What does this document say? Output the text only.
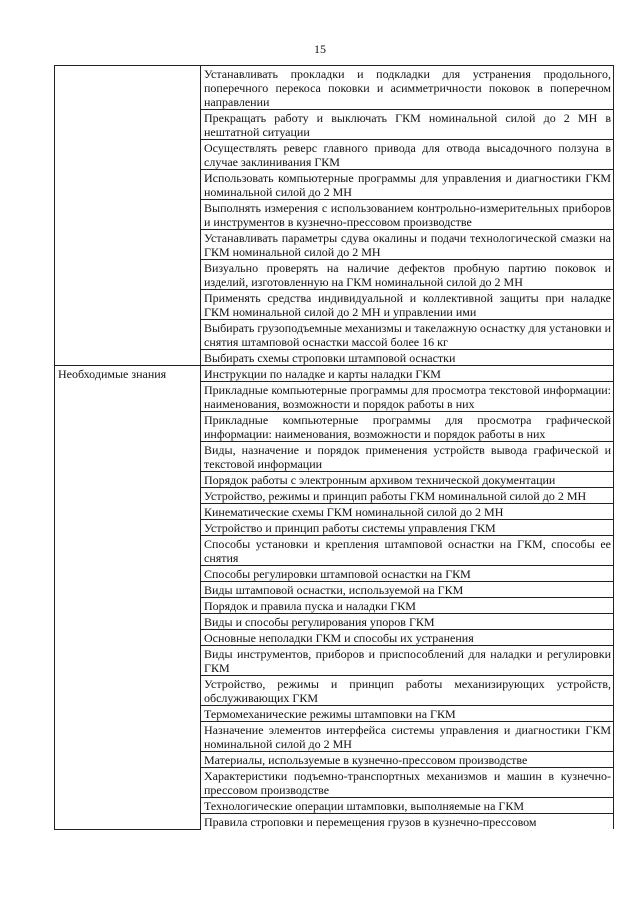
15
	Устанавливать прокладки и подкладки для устранения продольного, поперечного перекоса поковки и асимметричности поковок в поперечном направлении
	Прекращать работу и выключать ГКМ номинальной силой до 2 МН в нештатной ситуации
	Осуществлять реверс главного привода для отвода высадочного ползуна в случае заклинивания ГКМ
	Использовать компьютерные программы для управления и диагностики ГКМ номинальной силой до 2 МН
	Выполнять измерения с использованием контрольно-измерительных приборов и инструментов в кузнечно-прессовом производстве
	Устанавливать параметры сдува окалины и подачи технологической смазки на ГКМ номинальной силой до 2 МН
	Визуально проверять на наличие дефектов пробную партию поковок и изделий, изготовленную на ГКМ номинальной силой до 2 МН
	Применять средства индивидуальной и коллективной защиты при наладке ГКМ номинальной силой до 2 МН и управлении ими
	Выбирать грузоподъемные механизмы и такелажную оснастку для установки и снятия штамповой оснастки массой более 16 кг
	Выбирать схемы строповки штамповой оснастки
Необходимые знания	Инструкции по наладке и карты наладки ГКМ
	Прикладные компьютерные программы для просмотра текстовой информации: наименования, возможности и порядок работы в них
	Прикладные компьютерные программы для просмотра графической информации: наименования, возможности и порядок работы в них
	Виды, назначение и порядок применения устройств вывода графической и текстовой информации
	Порядок работы с электронным архивом технической документации
	Устройство, режимы и принцип работы ГКМ номинальной силой до 2 МН
	Кинематические схемы ГКМ номинальной силой до 2 МН
	Устройство и принцип работы системы управления ГКМ
	Способы установки и крепления штамповой оснастки на ГКМ, способы ее снятия
	Способы регулировки штамповой оснастки на ГКМ
	Виды штамповой оснастки, используемой на ГКМ
	Порядок и правила пуска и наладки ГКМ
	Виды и способы регулирования упоров ГКМ
	Основные неполадки ГКМ и способы их устранения
	Виды инструментов, приборов и приспособлений для наладки и регулировки ГКМ
	Устройство, режимы и принцип работы механизирующих устройств, обслуживающих ГКМ
	Термомеханические режимы штамповки на ГКМ
	Назначение элементов интерфейса системы управления и диагностики ГКМ номинальной силой до 2 МН
	Материалы, используемые в кузнечно-прессовом производстве
	Характеристики подъемно-транспортных механизмов и машин в кузнечно-прессовом производстве
	Технологические операции штамповки, выполняемые на ГКМ
	Правила строповки и перемещения грузов в кузнечно-прессовом
